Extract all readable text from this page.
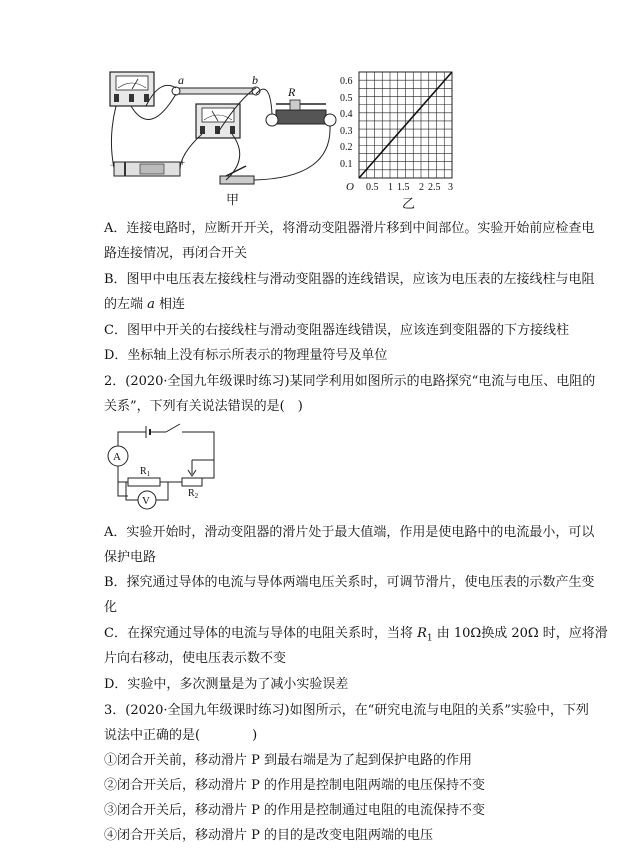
a	b
R
−	+
甲
0.6
0.5
0.4
0.3
0.2
0.1
O 0.5 1 1.5 2 2.5 3
乙
A．连接电路时，应断开开关，将滑动变阻器滑片移到中间部位。实验开始前应检查电
路连接情况，再闭合开关
B．图甲中电压表左接线柱与滑动变阻器的连线错误，应该为电压表的左接线柱与电阻
的左端 a 相连
C．图甲中开关的右接线柱与滑动变阻器连线错误，应该连到变阻器的下方接线柱
D．坐标轴上没有标示所表示的物理量符号及单位
2．(2020·全国九年级课时练习)某同学利用如图所示的电路探究“电流与电压、电阻的
关系”，下列有关说法错误的是(　)
A
V
$R_1$
$R_2$
A．实验开始时，滑动变阻器的滑片处于最大值端，作用是使电路中的电流最小，可以
保护电路
B．探究通过导体的电流与导体两端电压关系时，可调节滑片，使电压表的示数产生变
化
C．在探究通过导体的电流与导体的电阻关系时，当将 $R_1$ 由 10Ω换成 20Ω 时，应将滑
片向右移动，使电压表示数不变
D．实验中，多次测量是为了减小实验误差
3．(2020·全国九年级课时练习)如图所示，在“研究电流与电阻的关系”实验中，下列
说法中正确的是(　　　　)
①闭合开关前，移动滑片 P 到最右端是为了起到保护电路的作用
②闭合开关后，移动滑片 P 的作用是控制电阻两端的电压保持不变
③闭合开关后，移动滑片 P 的作用是控制通过电阻的电流保持不变
④闭合开关后，移动滑片 P 的目的是改变电阻两端的电压
